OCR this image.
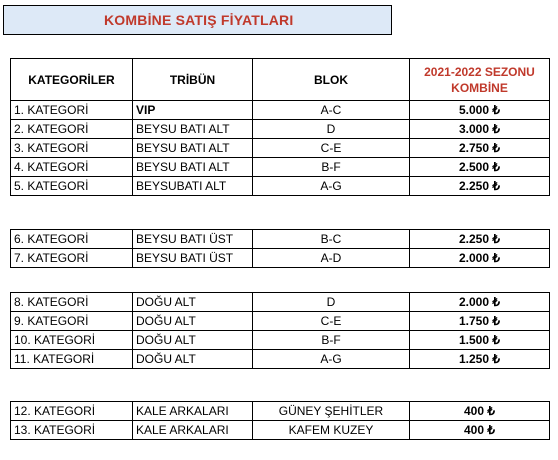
KOMBİNE SATIŞ FİYATLARI
KATEGORİLER	TRİBÜN	BLOK	2021-2022 SEZONU
KOMBİNE
1. KATEGORİ	VIP	A-C	5.000 ₺
2. KATEGORİ	BEYSU BATI ALT	D	3.000 ₺
3. KATEGORİ	BEYSU BATI ALT	C-E	2.750 ₺
4. KATEGORİ	BEYSU BATI ALT	B-F	2.500 ₺
5. KATEGORİ	BEYSUBATI ALT	A-G	2.250 ₺
6. KATEGORİ	BEYSU BATI ÜST	B-C	2.250 ₺
7. KATEGORİ	BEYSU BATI ÜST	A-D	2.000 ₺
8. KATEGORİ	DOĞU ALT	D	2.000 ₺
9. KATEGORİ	DOĞU ALT	C-E	1.750 ₺
10. KATEGORİ	DOĞU ALT	B-F	1.500 ₺
11. KATEGORİ	DOĞU ALT	A-G	1.250 ₺
12. KATEGORİ	KALE ARKALARI	GÜNEY ŞEHİTLER	400 ₺
13. KATEGORİ	KALE ARKALARI	KAFEM KUZEY	400 ₺
